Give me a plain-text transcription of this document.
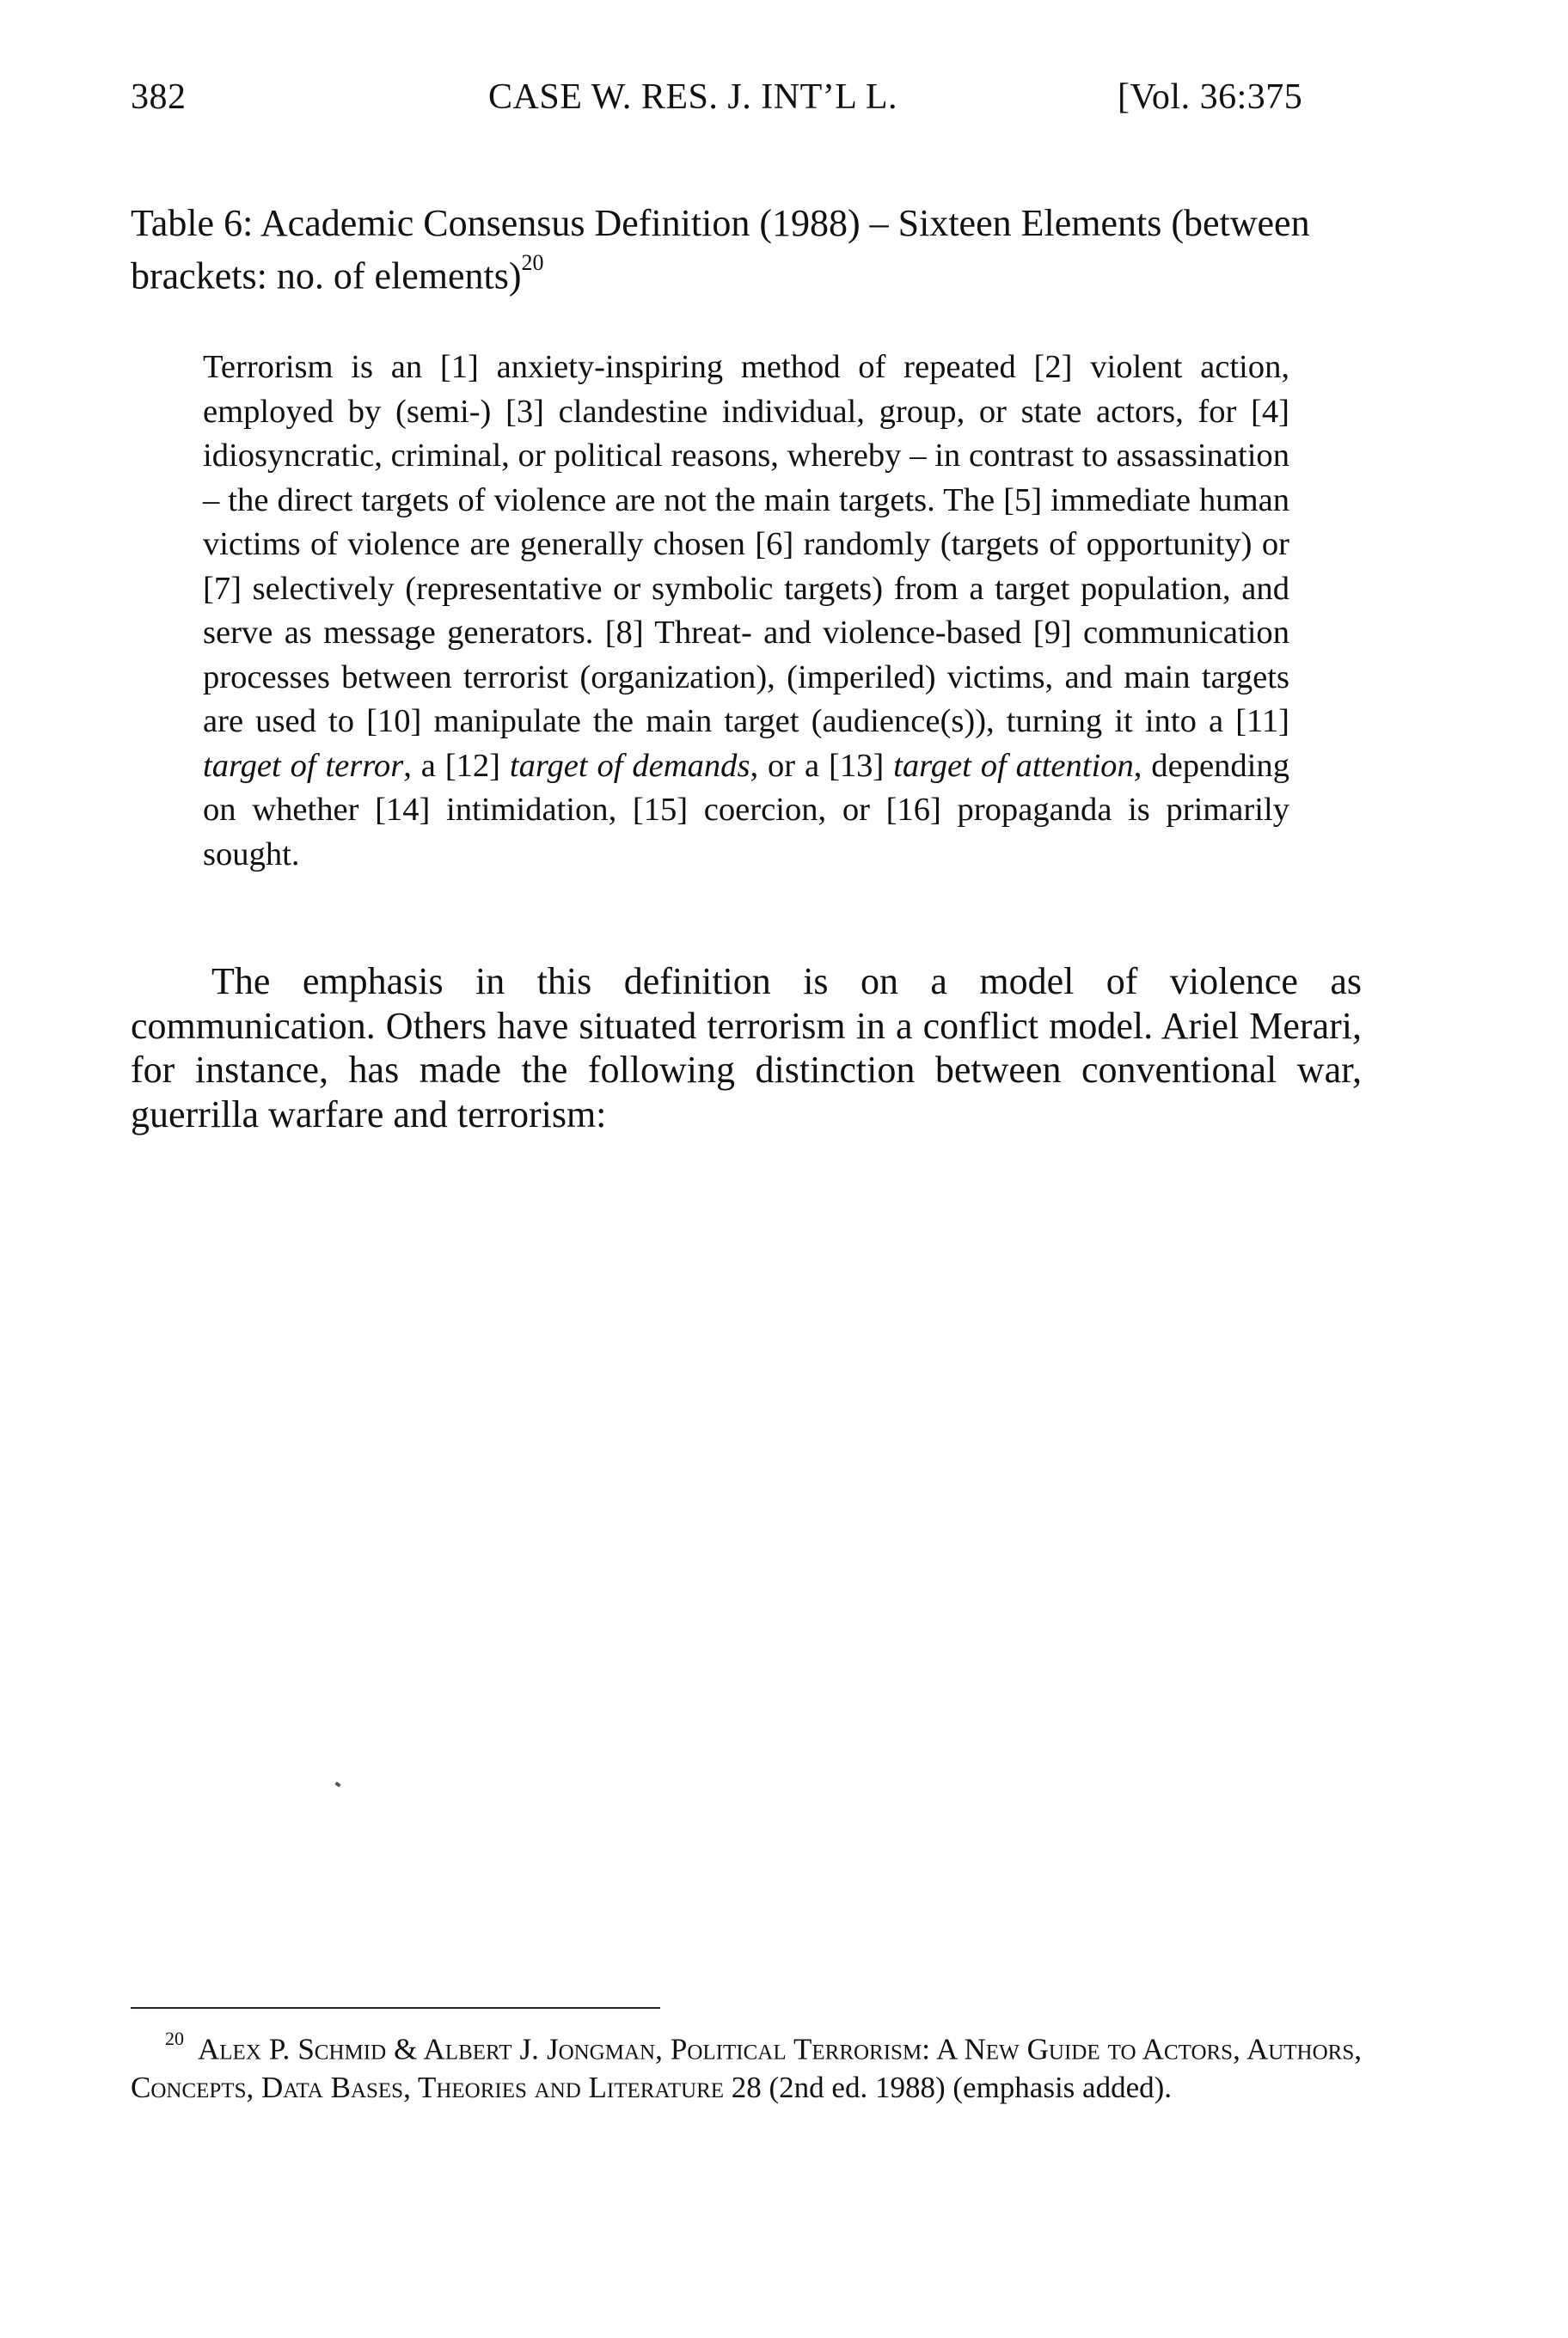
382	CASE W. RES. J. INT’L L.	[Vol. 36:375
Table 6: Academic Consensus Definition (1988) – Sixteen Elements (between brackets: no. of elements)$^{20}$
Terrorism is an [1] anxiety-inspiring method of repeated [2] violent action, employed by (semi-) [3] clandestine individual, group, or state actors, for [4] idiosyncratic, criminal, or political reasons, whereby – in contrast to assassination – the direct targets of violence are not the main targets. The [5] immediate human victims of violence are generally chosen [6] randomly (targets of opportunity) or [7] selectively (representative or symbolic targets) from a target population, and serve as message generators. [8] Threat- and violence-based [9] communication processes between terrorist (organization), (imperiled) victims, and main targets are used to [10] manipulate the main target (audience(s)), turning it into a [11] target of terror, a [12] target of demands, or a [13] target of attention, depending on whether [14] intimidation, [15] coercion, or [16] propaganda is primarily sought.
The emphasis in this definition is on a model of violence as communication. Others have situated terrorism in a conflict model. Ariel Merari, for instance, has made the following distinction between conventional war, guerrilla warfare and terrorism:
$^{20}$ Alex P. Schmid & Albert J. Jongman, Political Terrorism: A New Guide to Actors, Authors, Concepts, Data Bases, Theories and Literature 28 (2nd ed. 1988) (emphasis added).
